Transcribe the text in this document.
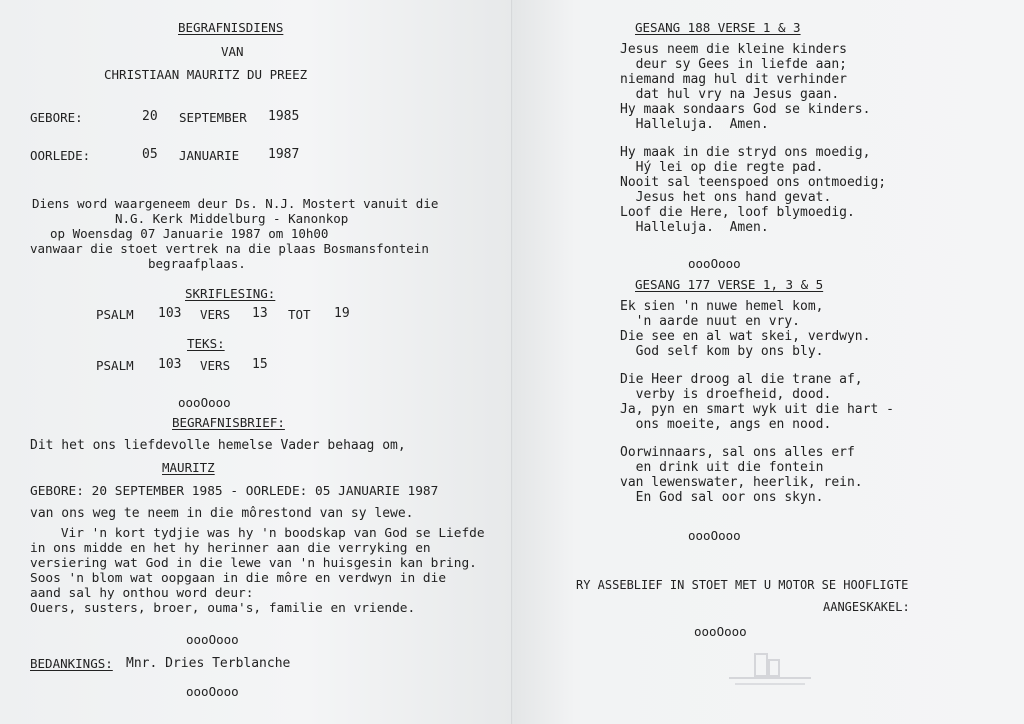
BEGRAFNISDIENS
VAN
CHRISTIAAN MAURITZ DU PREEZ
GEBORE:	20 SEPTEMBER 1985
OORLEDE:	05 JANUARIE 1987
Diens word waargeneem deur Ds. N.J. Mostert vanuit die
N.G. Kerk Middelburg - Kanonkop
op Woensdag 07 Januarie 1987 om 10h00
vanwaar die stoet vertrek na die plaas Bosmansfontein
begraafplaas.
SKRIFLESING:
PSALM 103 VERS 13 TOT 19
TEKS:
PSALM 103 VERS 15
oooOooo
BEGRAFNISBRIEF:
Dit het ons liefdevolle hemelse Vader behaag om,
MAURITZ
GEBORE: 20 SEPTEMBER 1985 - OORLEDE: 05 JANUARIE 1987
van ons weg te neem in die môrestond van sy lewe.
Vir 'n kort tydjie was hy 'n boodskap van God se Liefde
in ons midde en het hy herinner aan die verryking en
versiering wat God in die lewe van 'n huisgesin kan bring.
Soos 'n blom wat oopgaan in die môre en verdwyn in die
aand sal hy onthou word deur:
Ouers, susters, broer, ouma's, familie en vriende.
oooOooo
BEDANKINGS: Mnr. Dries Terblanche
oooOooo
GESANG 188 VERSE 1 & 3
Jesus neem die kleine kinders
deur sy Gees in liefde aan;
niemand mag hul dit verhinder
dat hul vry na Jesus gaan.
Hy maak sondaars God se kinders.
Halleluja.  Amen.
Hy maak in die stryd ons moedig,
Hý lei op die regte pad.
Nooit sal teenspoed ons ontmoedig;
Jesus het ons hand gevat.
Loof die Here, loof blymoedig.
Halleluja.  Amen.
oooOooo
GESANG 177 VERSE 1, 3 & 5
Ek sien 'n nuwe hemel kom,
'n aarde nuut en vry.
Die see en al wat skei, verdwyn.
God self kom by ons bly.
Die Heer droog al die trane af,
verby is droefheid, dood.
Ja, pyn en smart wyk uit die hart -
ons moeite, angs en nood.
Oorwinnaars, sal ons alles erf
en drink uit die fontein
van lewenswater, heerlik, rein.
En God sal oor ons skyn.
oooOooo
RY ASSEBLIEF IN STOET MET U MOTOR SE HOOFLIGTE
AANGESKAKEL:
oooOooo
